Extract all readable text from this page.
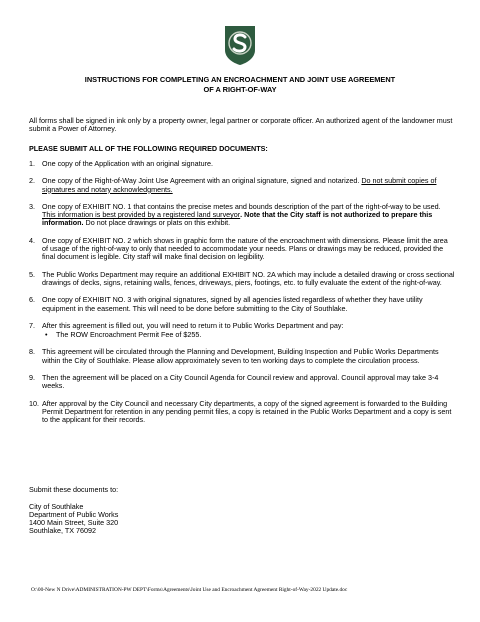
INSTRUCTIONS FOR COMPLETING AN ENCROACHMENT AND JOINT USE AGREEMENT
OF A RIGHT-OF-WAY
All forms shall be signed in ink only by a property owner, legal partner or corporate officer. An authorized agent of the landowner must submit a Power of Attorney.
PLEASE SUBMIT ALL OF THE FOLLOWING REQUIRED DOCUMENTS:
1. One copy of the Application with an original signature.
2. One copy of the Right-of-Way Joint Use Agreement with an original signature, signed and notarized. Do not submit copies of signatures and notary acknowledgments.
3. One copy of EXHIBIT NO. 1 that contains the precise metes and bounds description of the part of the right-of-way to be used. This information is best provided by a registered land surveyor. Note that the City staff is not authorized to prepare this information. Do not place drawings or plats on this exhibit.
4. One copy of EXHIBIT NO. 2 which shows in graphic form the nature of the encroachment with dimensions. Please limit the area of usage of the right-of-way to only that needed to accommodate your needs. Plans or drawings may be reduced, provided the final document is legible. City staff will make final decision on legibility.
5. The Public Works Department may require an additional EXHIBIT NO. 2A which may include a detailed drawing or cross sectional drawings of decks, signs, retaining walls, fences, driveways, piers, footings, etc. to fully evaluate the extent of the right-of-way.
6. One copy of EXHIBIT NO. 3 with original signatures, signed by all agencies listed regardless of whether they have utility equipment in the easement. This will need to be done before submitting to the City of Southlake.
7. After this agreement is filled out, you will need to return it to Public Works Department and pay:
• The ROW Encroachment Permit Fee of $255.
8. This agreement will be circulated through the Planning and Development, Building Inspection and Public Works Departments within the City of Southlake. Please allow approximately seven to ten working days to complete the circulation process.
9. Then the agreement will be placed on a City Council Agenda for Council review and approval. Council approval may take 3-4 weeks.
10. After approval by the City Council and necessary City departments, a copy of the signed agreement is forwarded to the Building Permit Department for retention in any pending permit files, a copy is retained in the Public Works Department and a copy is sent to the applicant for their records.
Submit these documents to:
City of Southlake
Department of Public Works
1400 Main Street, Suite 320
Southlake, TX 76092
O:\00-New N Drive\ADMINISTRATION-PW DEPT\Forms\Agreements\Joint Use and Encroachment Agreement Right-of-Way-2022 Update.doc
